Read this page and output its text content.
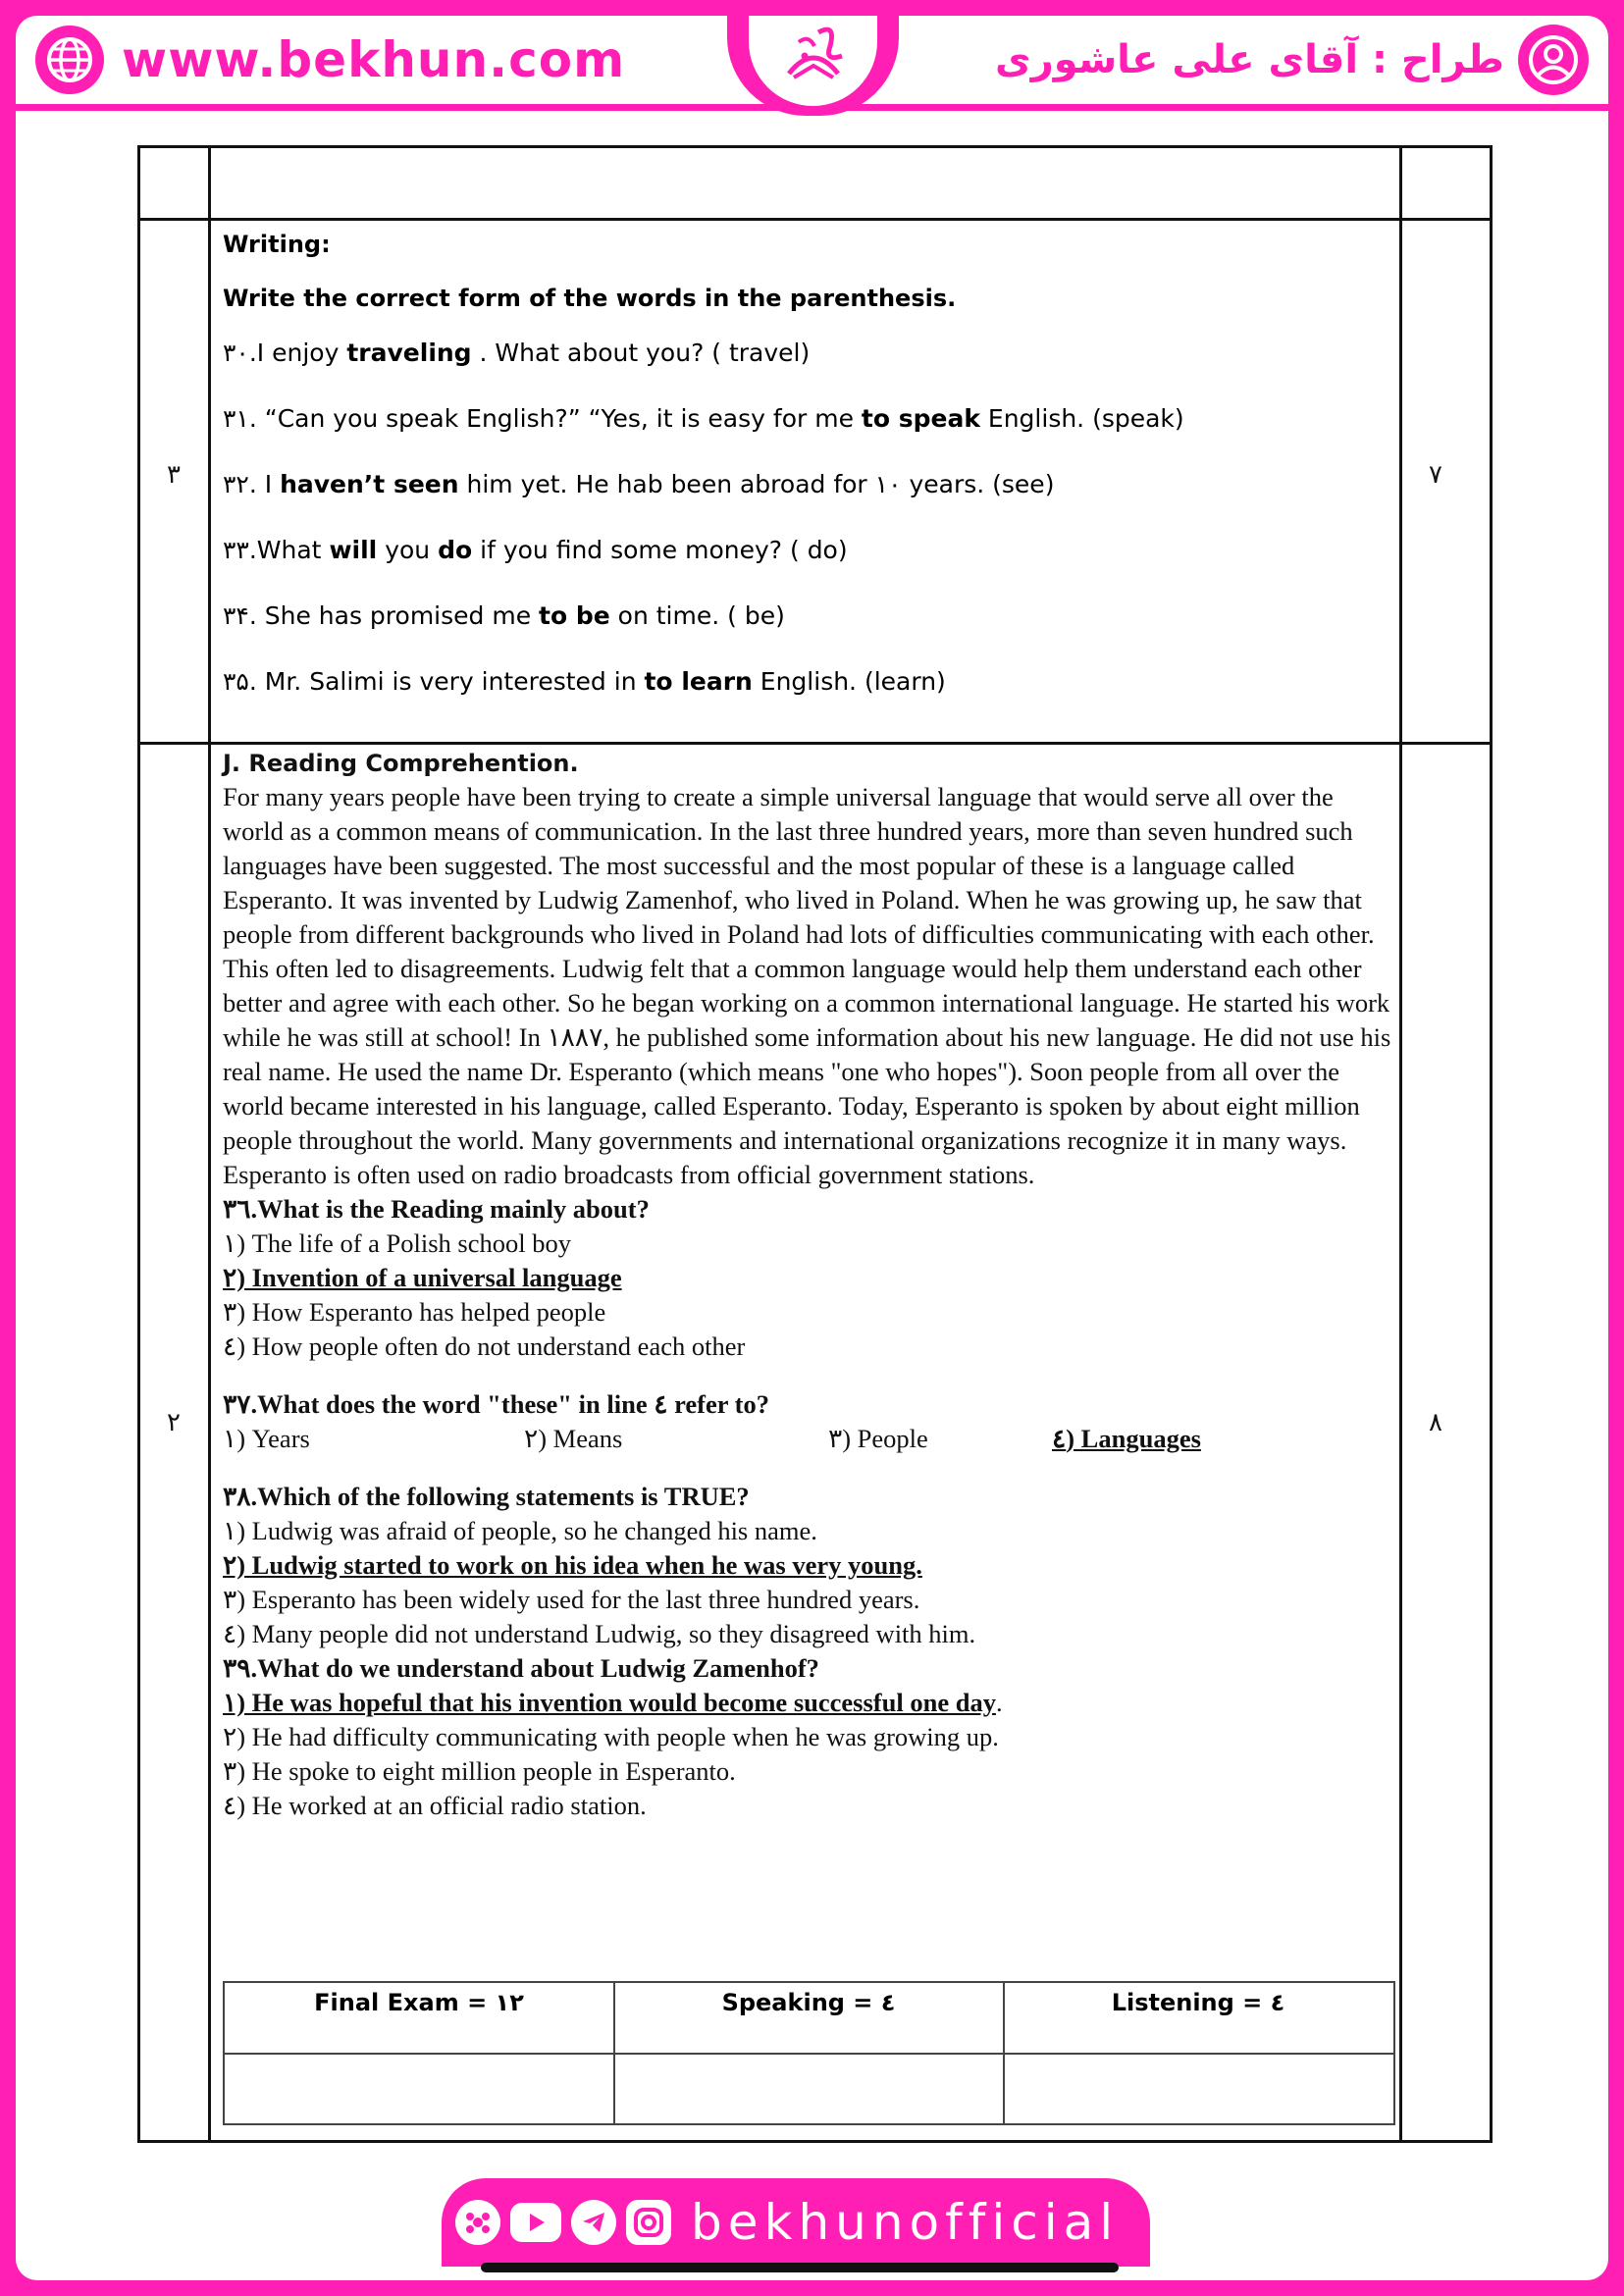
www.bekhun.com	طراح : آقای علی عاشوری
۳	۷
Writing:
Write the correct form of the words in the parenthesis.
۳۰.I enjoy traveling . What about you? ( travel)
۳۱. “Can you speak English?” “Yes, it is easy for me to speak English. (speak)
۳۲. I haven’t seen him yet. He hab been abroad for ۱۰ years. (see)
۳۳.What will you do if you find some money? ( do)
۳۴. She has promised me to be on time. ( be)
۳۵. Mr. Salimi is very interested in to learn English. (learn)
۲	۸
J. Reading Comprehention.
For many years people have been trying to create a simple universal language that would serve all over the world as a common means of communication. In the last three hundred years, more than seven hundred such languages have been suggested. The most successful and the most popular of these is a language called Esperanto. It was invented by Ludwig Zamenhof, who lived in Poland. When he was growing up, he saw that people from different backgrounds who lived in Poland had lots of difficulties communicating with each other. This often led to disagreements. Ludwig felt that a common language would help them understand each other better and agree with each other. So he began working on a common international language. He started his work while he was still at school! In ۱۸۸۷, he published some information about his new language. He did not use his real name. He used the name Dr. Esperanto (which means "one who hopes"). Soon people from all over the world became interested in his language, called Esperanto. Today, Esperanto is spoken by about eight million people throughout the world. Many governments and international organizations recognize it in many ways. Esperanto is often used on radio broadcasts from official government stations.
۳٦.What is the Reading mainly about?
۱) The life of a Polish school boy
۲) Invention of a universal language
۳) How Esperanto has helped people
٤) How people often do not understand each other
۳۷.What does the word "these" in line ٤ refer to?
۱) Years	۲) Means	۳) People	٤) Languages
۳۸.Which of the following statements is TRUE?
۱) Ludwig was afraid of people, so he changed his name.
۲) Ludwig started to work on his idea when he was very young.
۳) Esperanto has been widely used for the last three hundred years.
٤) Many people did not understand Ludwig, so they disagreed with him.
۳۹.What do we understand about Ludwig Zamenhof?
۱) He was hopeful that his invention would become successful one day.
۲) He had difficulty communicating with people when he was growing up.
۳) He spoke to eight million people in Esperanto.
٤) He worked at an official radio station.
Final Exam = ۱۲	Speaking = ٤	Listening = ٤
bekhunofficial
